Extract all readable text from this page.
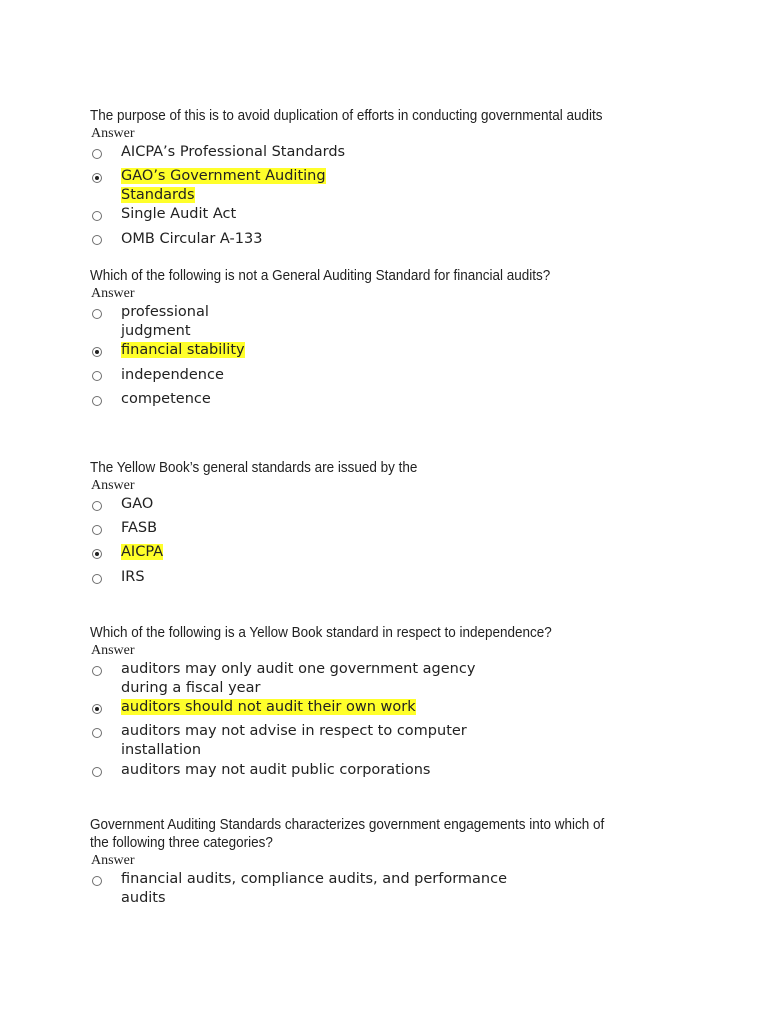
The purpose of this is to avoid duplication of efforts in conducting governmental audits
Answer
AICPA’s Professional Standards
GAO’s Government Auditing
Standards
Single Audit Act
OMB Circular A-133
Which of the following is not a General Auditing Standard for financial audits?
Answer
professional
judgment
financial stability
independence
competence
The Yellow Book’s general standards are issued by the
Answer
GAO
FASB
AICPA
IRS
Which of the following is a Yellow Book standard in respect to independence?
Answer
auditors may only audit one government agency
during a fiscal year
auditors should not audit their own work
auditors may not advise in respect to computer
installation
auditors may not audit public corporations
Government Auditing Standards characterizes government engagements into which of
the following three categories?
Answer
financial audits, compliance audits, and performance
audits
